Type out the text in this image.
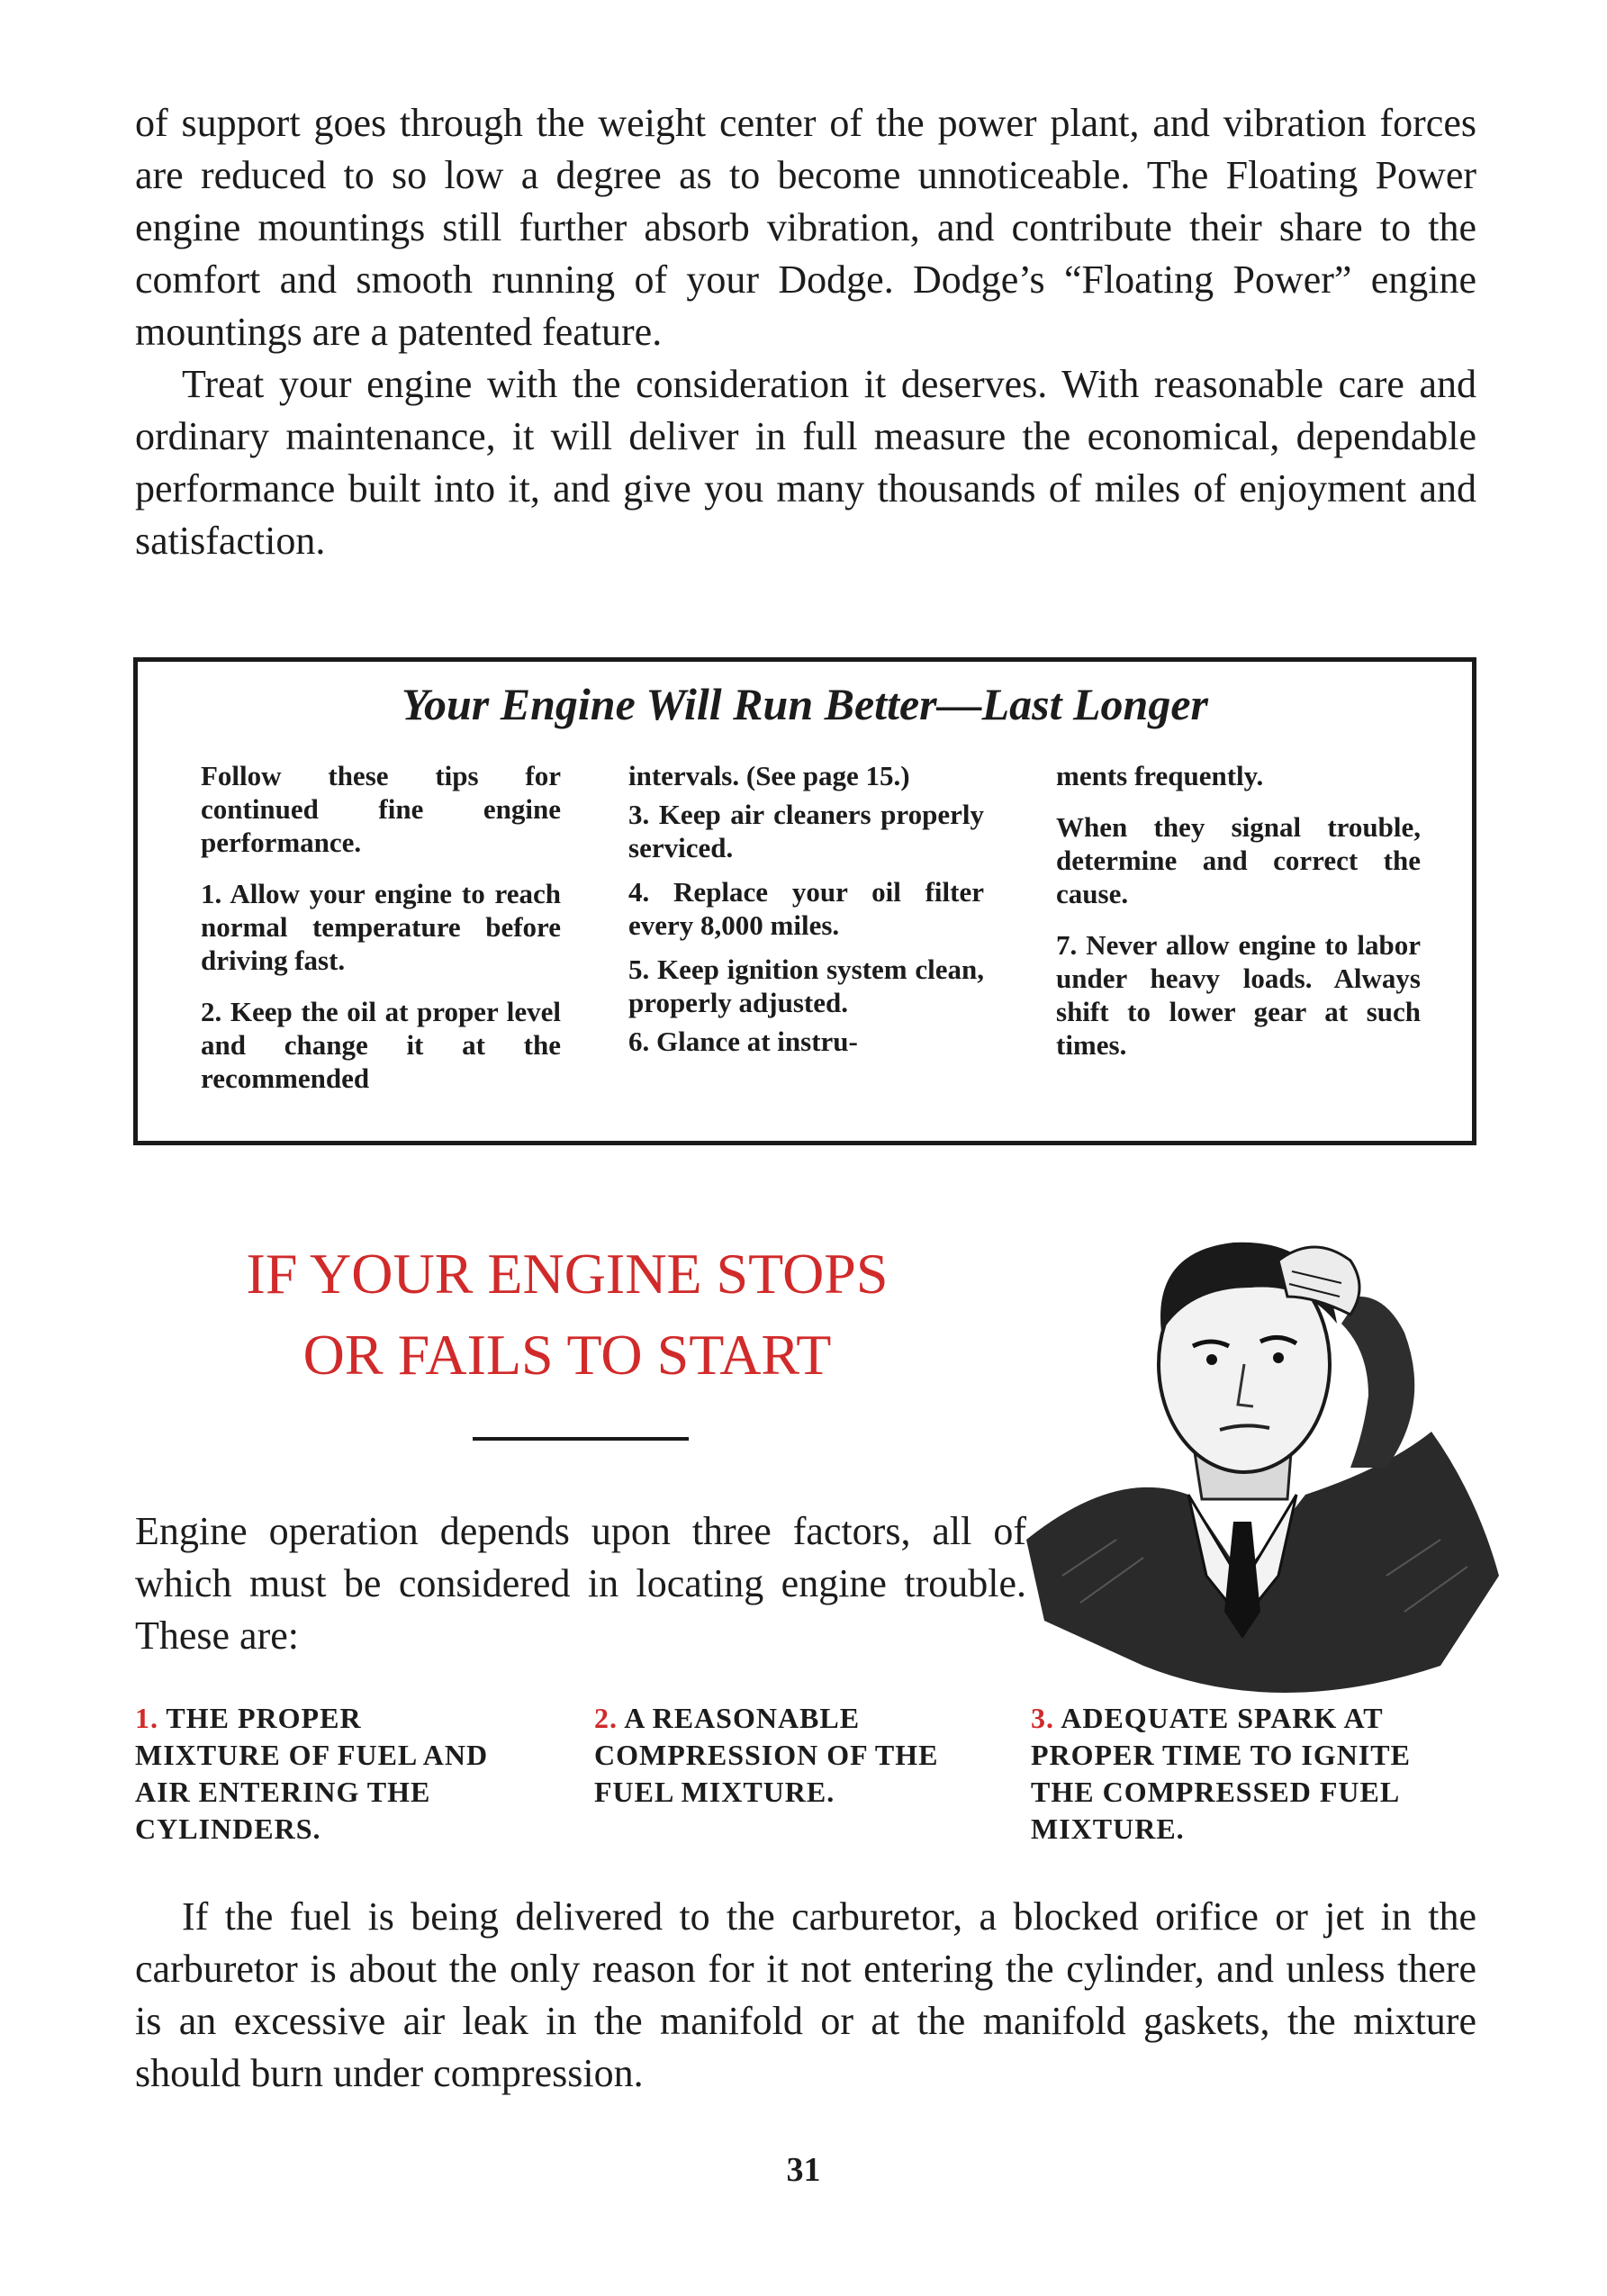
of support goes through the weight center of the power plant, and vibration forces are reduced to so low a degree as to become unnoticeable. The Floating Power engine mountings still further absorb vibration, and contribute their share to the comfort and smooth running of your Dodge. Dodge’s “Floating Power” engine mountings are a patented feature.

Treat your engine with the consideration it deserves. With reasonable care and ordinary maintenance, it will deliver in full measure the economical, dependable performance built into it, and give you many thousands of miles of enjoyment and satisfaction.

Your Engine Will Run Better—Last Longer

Follow these tips for continued fine engine performance.

1. Allow your engine to reach normal temperature before driving fast.

2. Keep the oil at proper level and change it at the recommended

intervals. (See page 15.)

3. Keep air cleaners properly serviced.

4. Replace your oil filter every 8,000 miles.

5. Keep ignition system clean, properly adjusted.

6. Glance at instru-

ments frequently.

When they signal trouble, determine and correct the cause.

7. Never allow engine to labor under heavy loads. Always shift to lower gear at such times.

IF YOUR ENGINE STOPS
OR FAILS TO START

Engine operation depends upon three factors, all of which must be considered in locating engine trouble. These are:

1. THE PROPER MIXTURE OF FUEL AND AIR ENTERING THE CYLINDERS.
2. A REASONABLE COMPRESSION OF THE FUEL MIXTURE.
3. ADEQUATE SPARK AT PROPER TIME TO IGNITE THE COMPRESSED FUEL MIXTURE.

If the fuel is being delivered to the carburetor, a blocked orifice or jet in the carburetor is about the only reason for it not entering the cylinder, and unless there is an excessive air leak in the manifold or at the manifold gaskets, the mixture should burn under compression.

31
